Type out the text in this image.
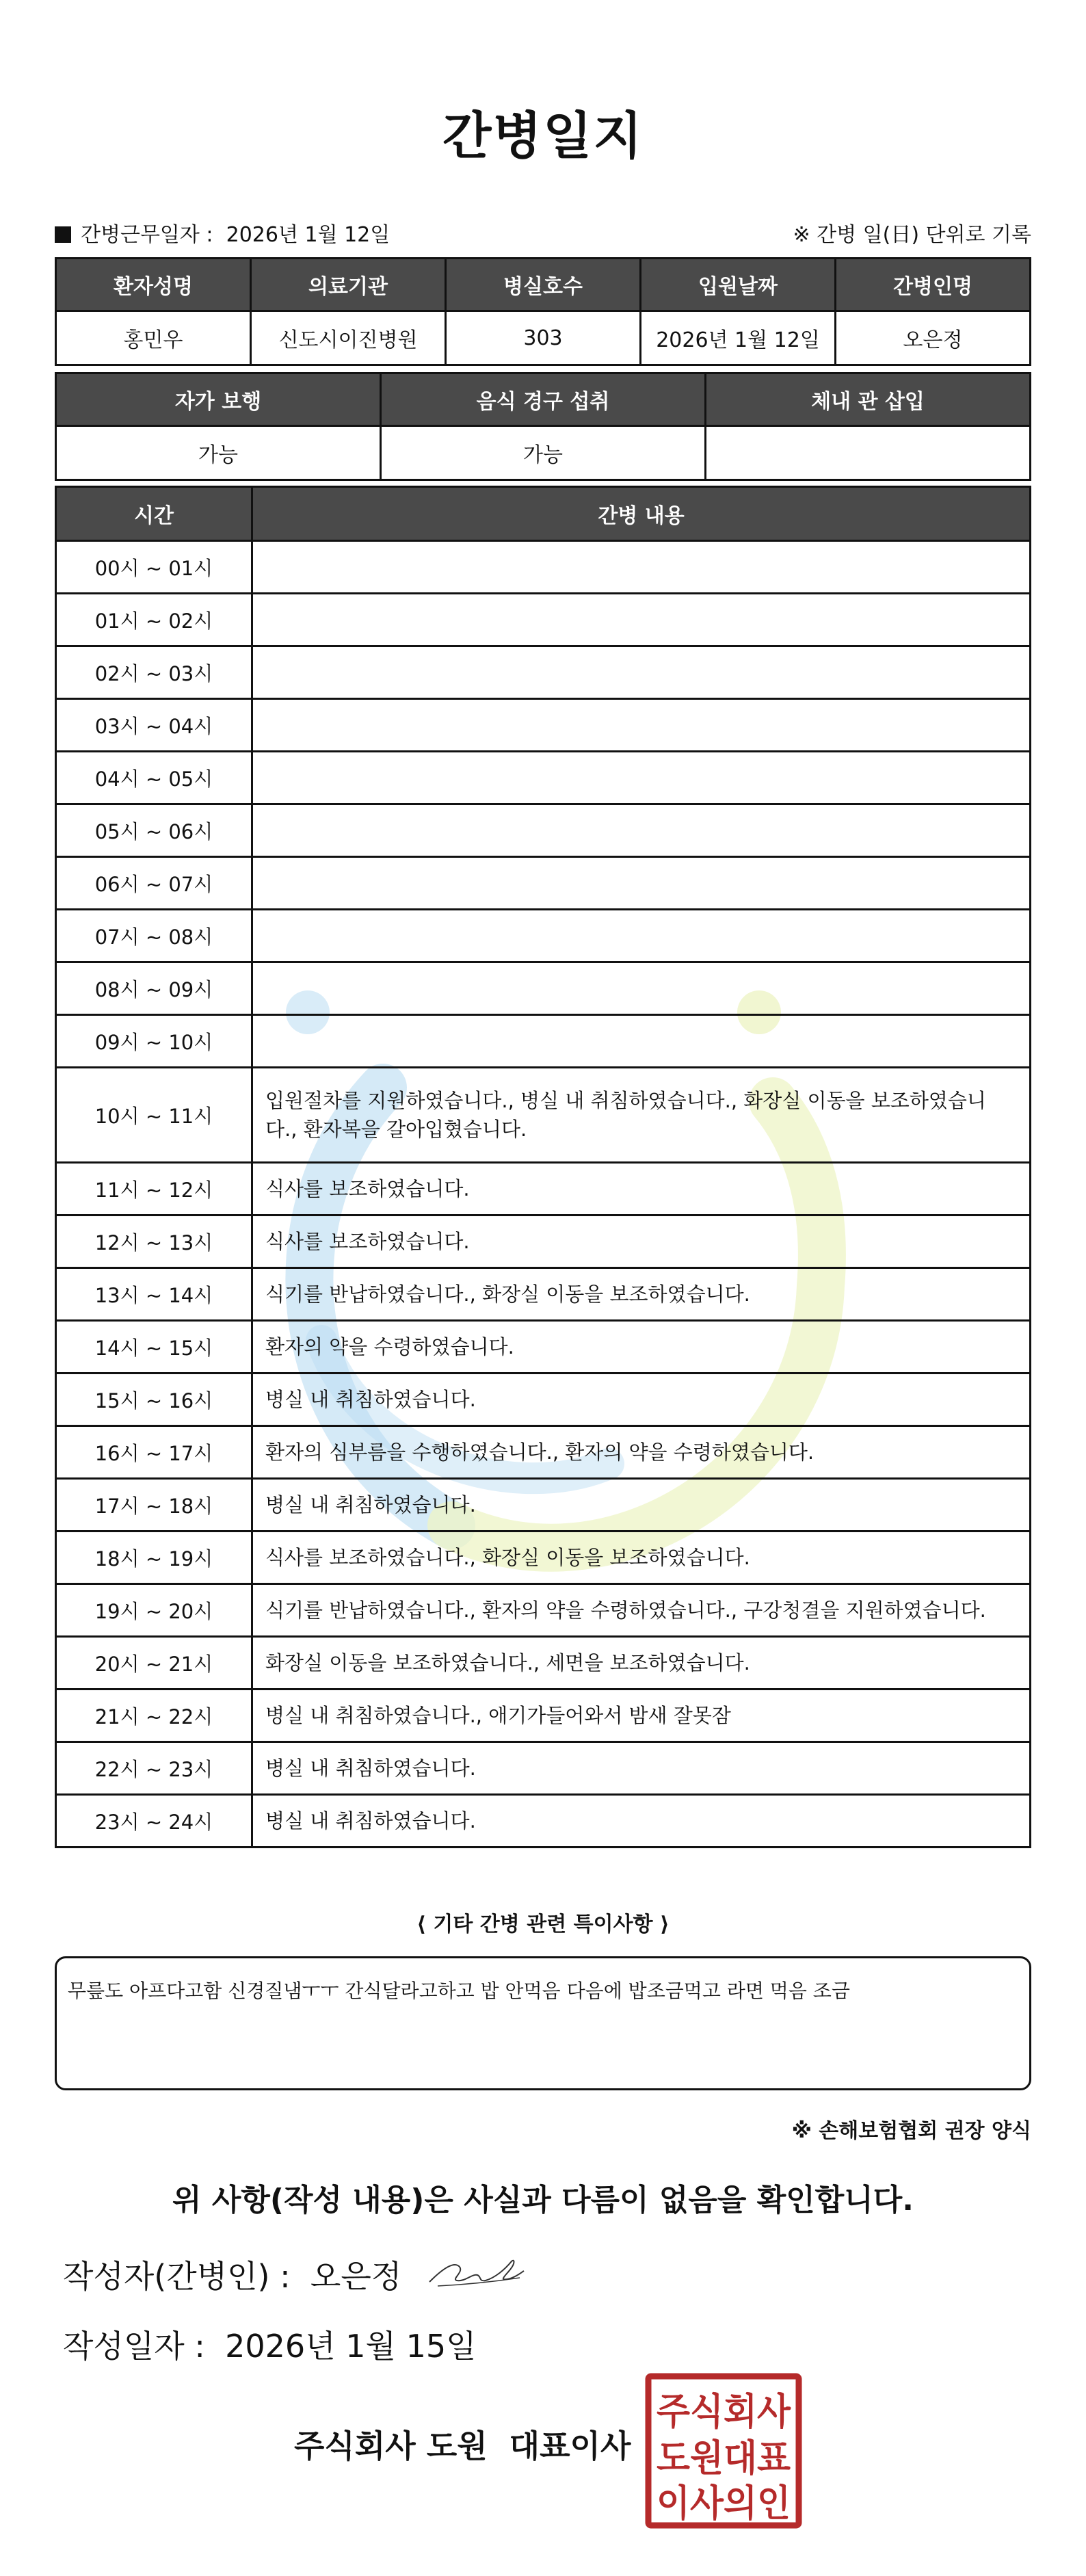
간병일지
간병근무일자 :  2026년 1월 12일	※ 간병 일(日) 단위로 기록
환자성명	의료기관	병실호수	입원날짜	간병인명
홍민우	신도시이진병원	303	2026년 1월 12일	오은정
자가 보행	음식 경구 섭취	체내 관 삽입
가능	가능	
시간	간병 내용
00시 ~ 01시	
01시 ~ 02시	
02시 ~ 03시	
03시 ~ 04시	
04시 ~ 05시	
05시 ~ 06시	
06시 ~ 07시	
07시 ~ 08시	
08시 ~ 09시	
09시 ~ 10시	
10시 ~ 11시	입원절차를 지원하였습니다., 병실 내 취침하였습니다., 화장실 이동을 보조하였습니다., 환자복을 갈아입혔습니다.
11시 ~ 12시	식사를 보조하였습니다.
12시 ~ 13시	식사를 보조하였습니다.
13시 ~ 14시	식기를 반납하였습니다., 화장실 이동을 보조하였습니다.
14시 ~ 15시	환자의 약을 수령하였습니다.
15시 ~ 16시	병실 내 취침하였습니다.
16시 ~ 17시	환자의 심부름을 수행하였습니다., 환자의 약을 수령하였습니다.
17시 ~ 18시	병실 내 취침하였습니다.
18시 ~ 19시	식사를 보조하였습니다., 화장실 이동을 보조하였습니다.
19시 ~ 20시	식기를 반납하였습니다., 환자의 약을 수령하였습니다., 구강청결을 지원하였습니다.
20시 ~ 21시	화장실 이동을 보조하였습니다., 세면을 보조하였습니다.
21시 ~ 22시	병실 내 취침하였습니다., 애기가들어와서 밤새 잘못잠
22시 ~ 23시	병실 내 취침하였습니다.
23시 ~ 24시	병실 내 취침하였습니다.
⟨ 기타 간병 관련 특이사항 ⟩
무릎도 아프다고함 신경질냄ㅜㅜ 간식달라고하고 밥 안먹음 다음에 밥조금먹고 라면 먹음 조금
※ 손해보험협회 권장 양식
위 사항(작성 내용)은 사실과 다름이 없음을 확인합니다.
작성자(간병인) : 오은정
작성일자 : 2026년 1월 15일
주식회사 도원  대표이사
주식회사
도원대표
이사의인
